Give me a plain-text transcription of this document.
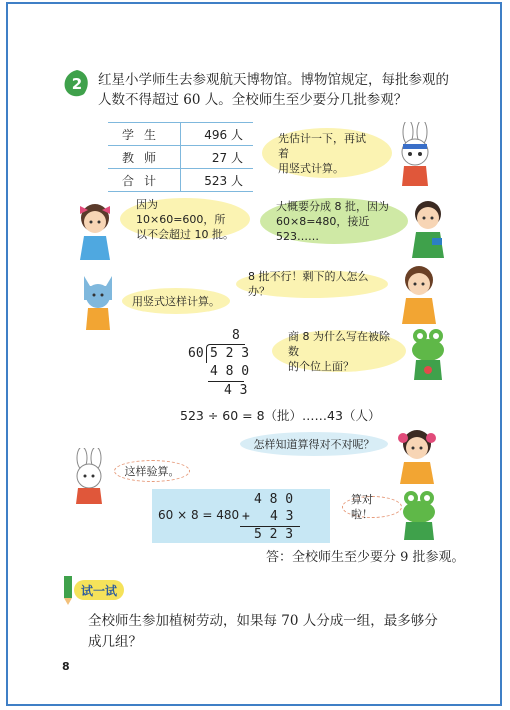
2 红星小学师生去参观航天博物馆。博物馆规定，每批参观的
人数不得超过 60 人。全校师生至少要分几批参观？
学生	496 人
教师	27 人
合计	523 人
先估计一下，再试着
用竖式计算。
因为 10×60=600，所
以不会超过 10 批。
大概要分成 8 批，因为
60×8=480，接近 523……
8 批不行！剩下的人怎么办？
用竖式这样计算。
8
60 5 2 3
4 8 0
4 3
商 8 为什么写在被除数
的个位上面？
523 ÷ 60 = 8（批）……43（人）
怎样知道算得对不对呢？
这样验算。
60 × 8 = 480
4 8 0
+ 4 3
5 2 3
算对啦！
答：全校师生至少要分 9 批参观。
试一试
全校师生参加植树劳动，如果每 70 人分成一组，最多够分
成几组？
8
